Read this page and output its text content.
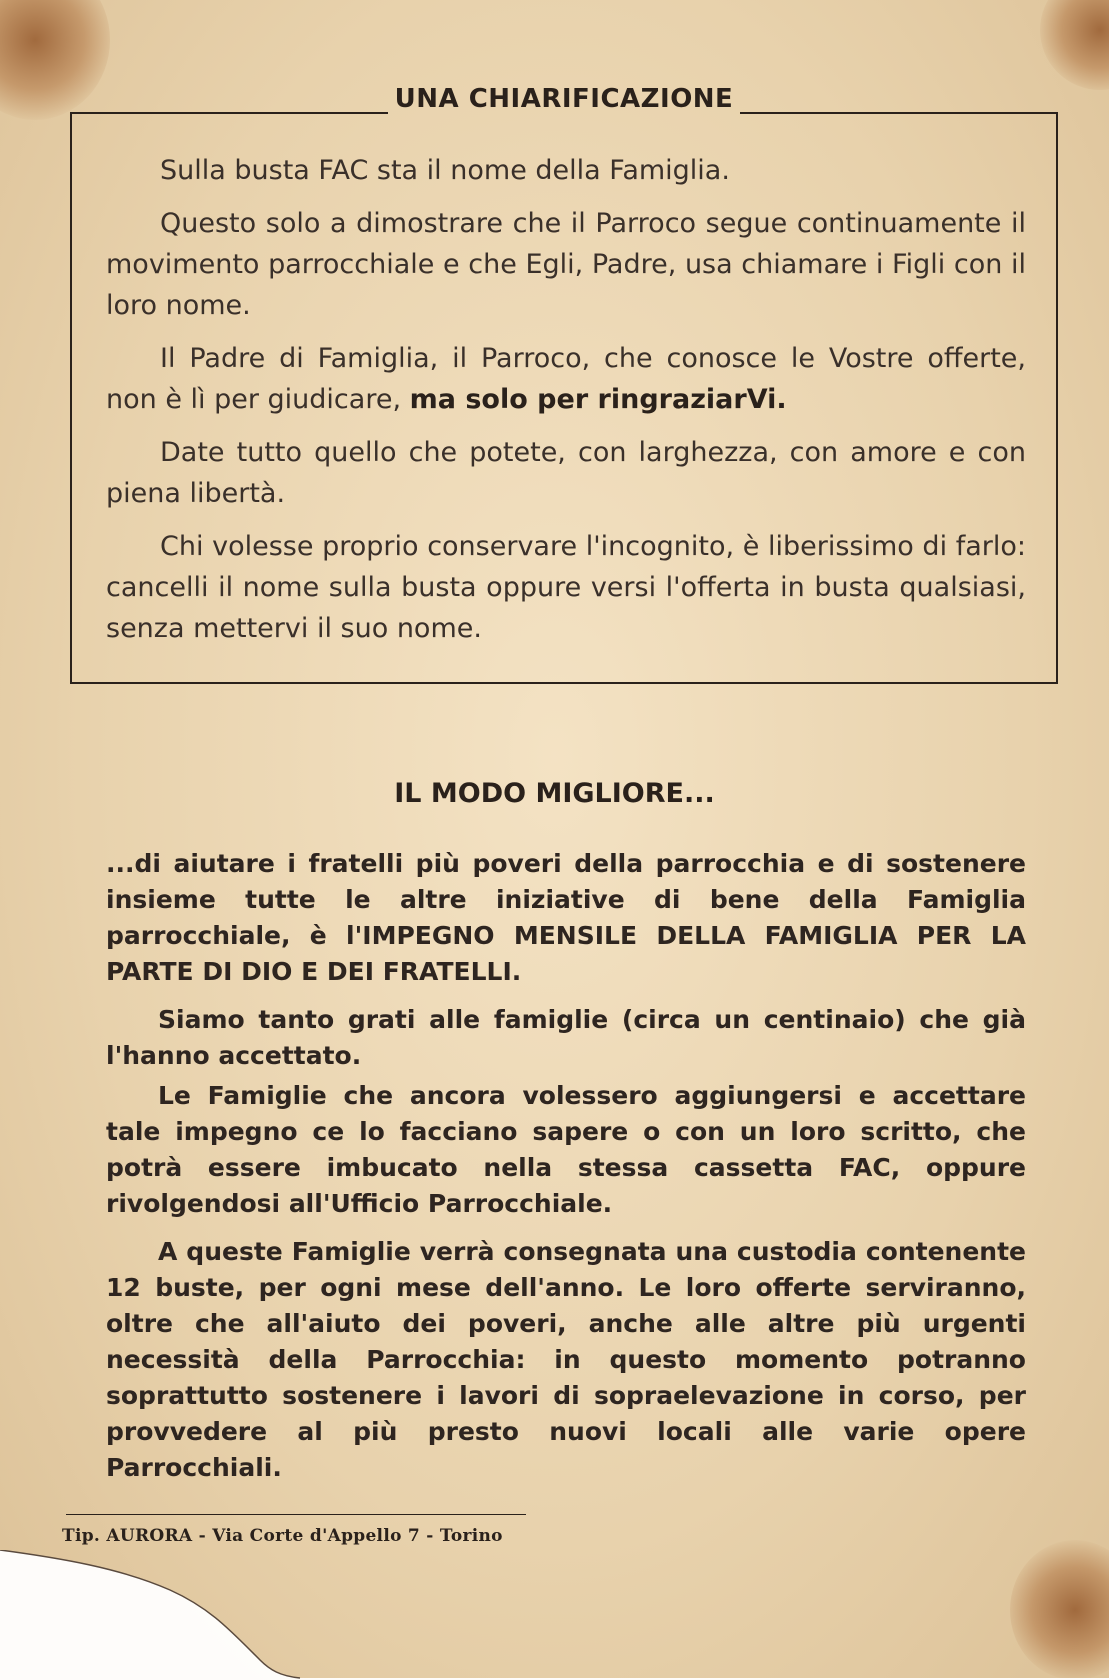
UNA CHIARIFICAZIONE

Sulla busta FAC sta il nome della Famiglia.

Questo solo a dimostrare che il Parroco segue continuamente il movimento parrocchiale e che Egli, Padre, usa chiamare i Figli con il loro nome.

Il Padre di Famiglia, il Parroco, che conosce le Vostre offerte, non è lì per giudicare, ma solo per ringraziarVi.

Date tutto quello che potete, con larghezza, con amore e con piena libertà.

Chi volesse proprio conservare l'incognito, è liberissimo di farlo: cancelli il nome sulla busta oppure versi l'offerta in busta qualsiasi, senza mettervi il suo nome.

IL MODO MIGLIORE...

...di aiutare i fratelli più poveri della parrocchia e di sostenere insieme tutte le altre iniziative di bene della Famiglia parrocchiale, è l'IMPEGNO MENSILE DELLA FAMIGLIA PER LA PARTE DI DIO E DEI FRATELLI.

Siamo tanto grati alle famiglie (circa un centinaio) che già l'hanno accettato.

Le Famiglie che ancora volessero aggiungersi e accettare tale impegno ce lo facciano sapere o con un loro scritto, che potrà essere imbucato nella stessa cassetta FAC, oppure rivolgendosi all'Ufficio Parrocchiale.

A queste Famiglie verrà consegnata una custodia contenente 12 buste, per ogni mese dell'anno. Le loro offerte serviranno, oltre che all'aiuto dei poveri, anche alle altre più urgenti necessità della Parrocchia: in questo momento potranno soprattutto sostenere i lavori di sopraelevazione in corso, per provvedere al più presto nuovi locali alle varie opere Parrocchiali.

Tip. AURORA - Via Corte d'Appello 7 - Torino
